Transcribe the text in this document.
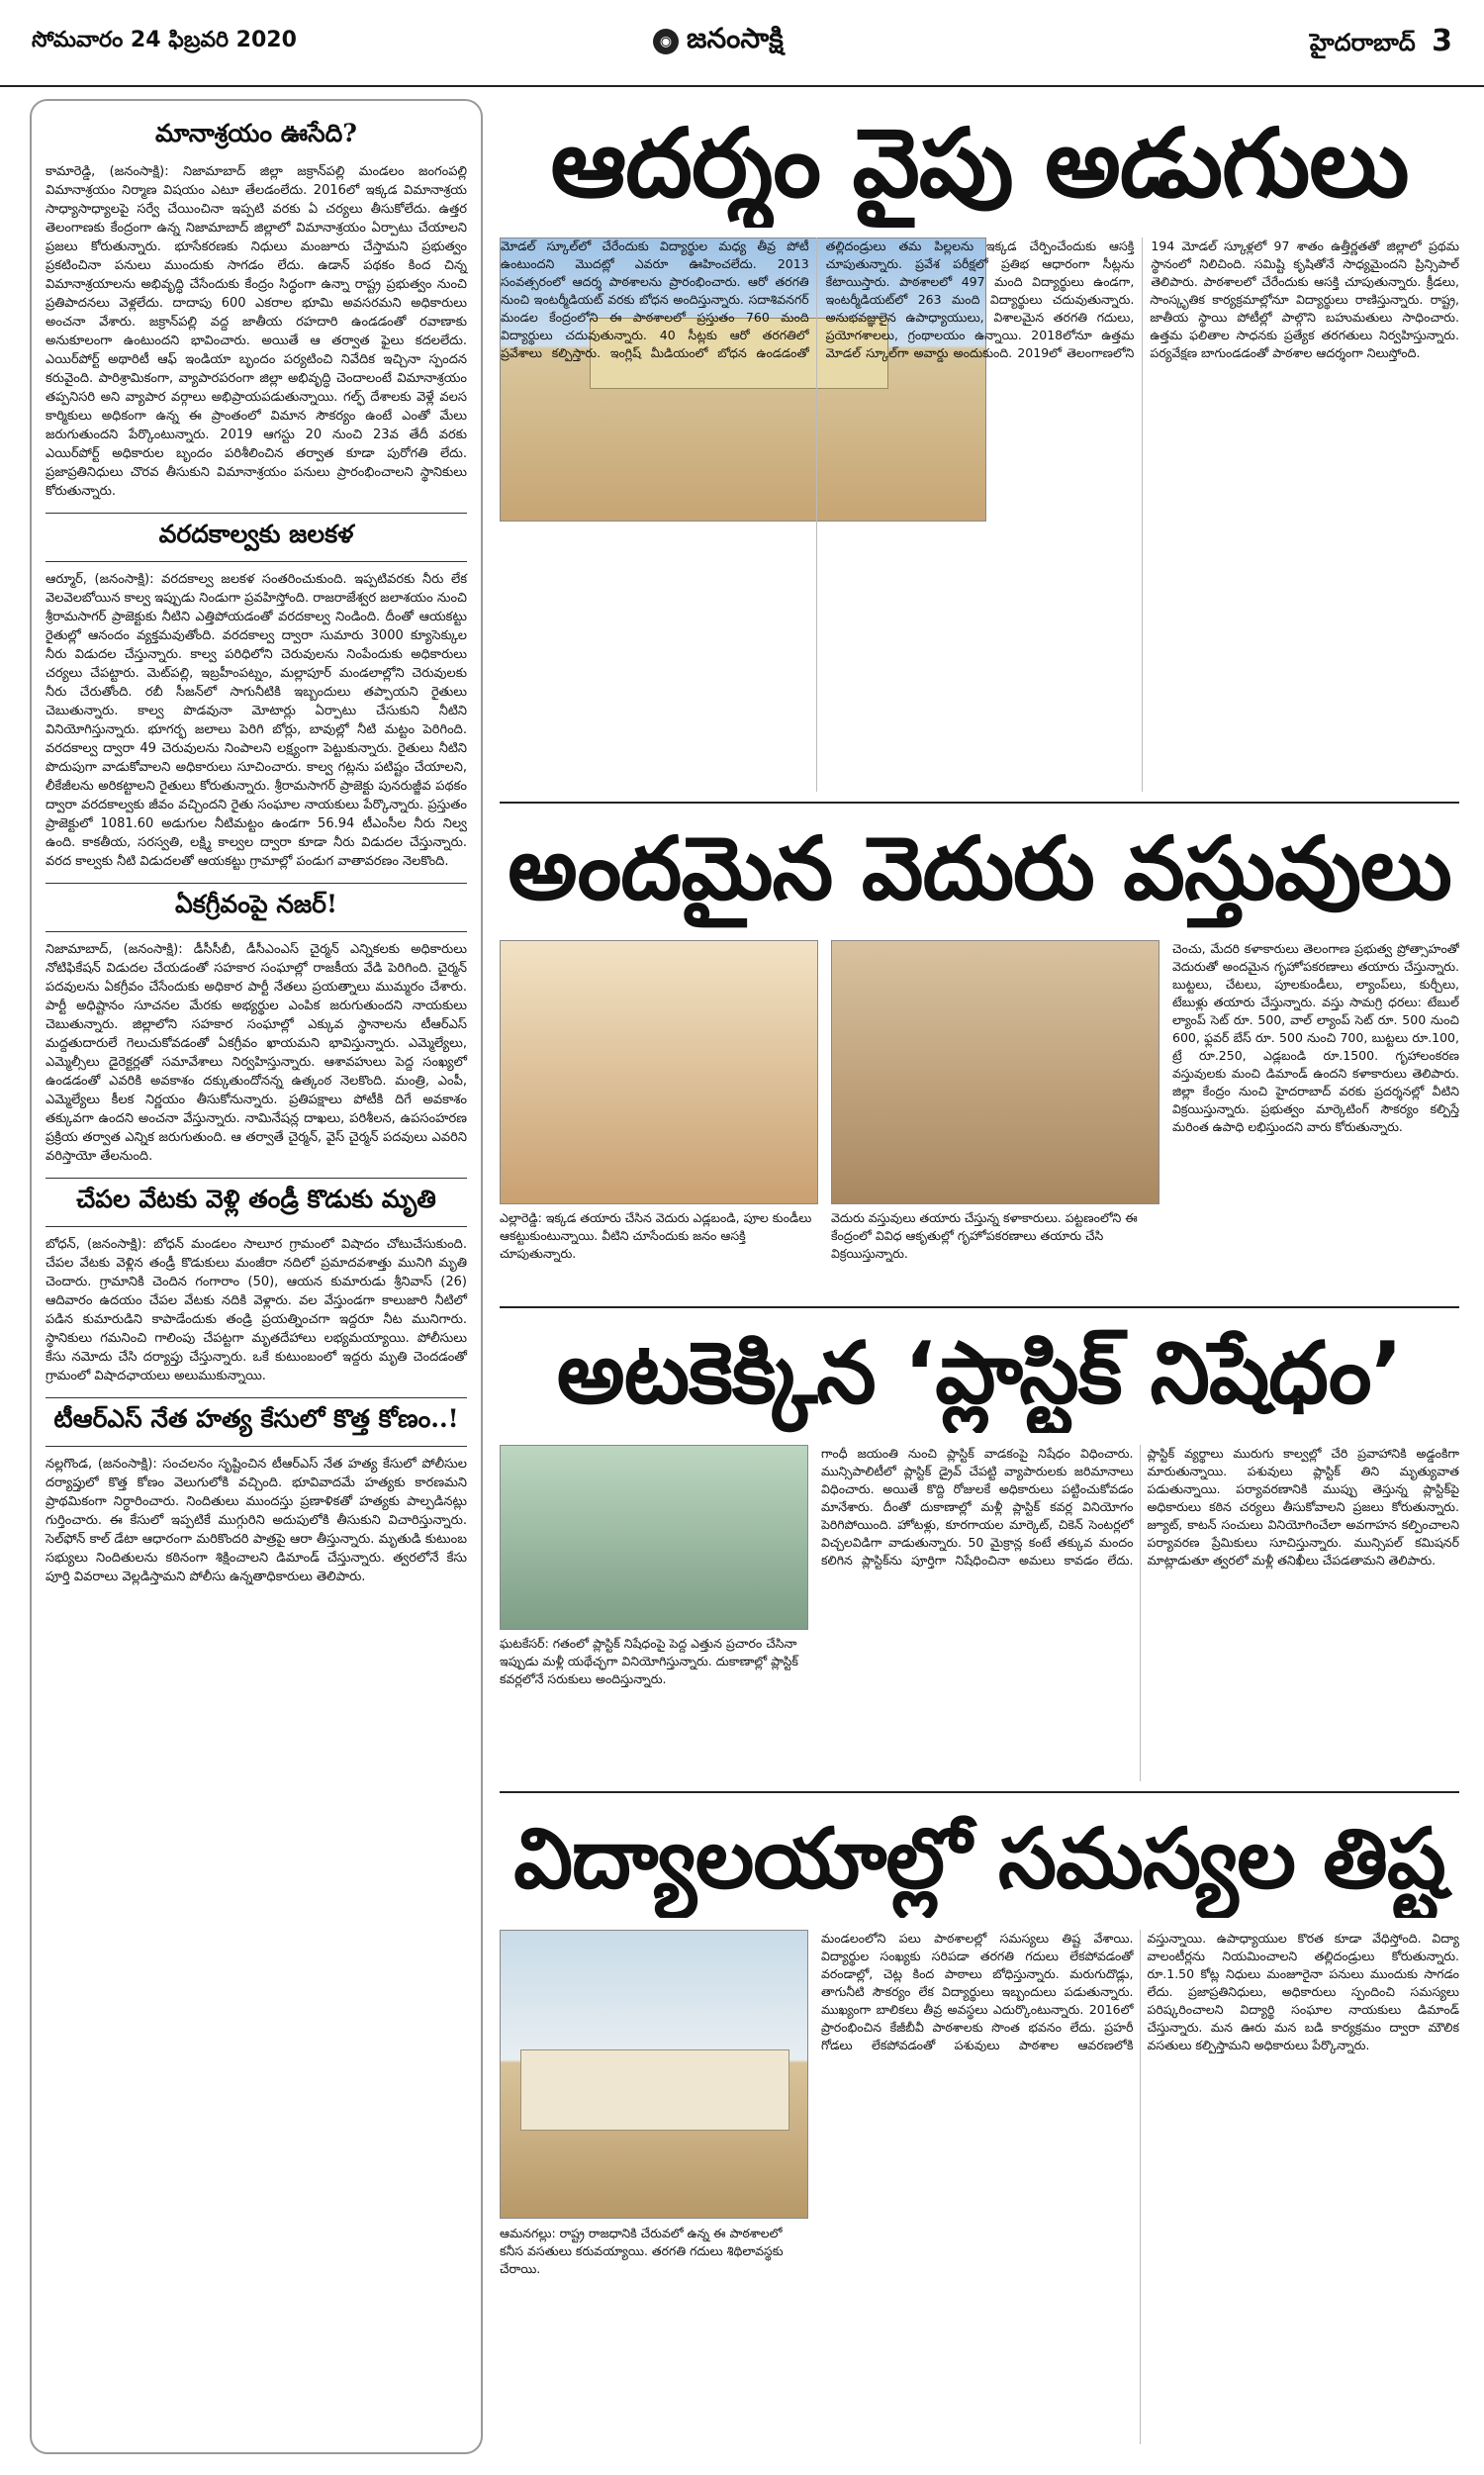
సోమవారం 24 ఫిబ్రవరి 2020	◉ జనంసాక్షి	హైదరాబాద్ 3
మానాశ్రయం ఊసేది?

కామారెడ్డి, (జనంసాక్షి): నిజామాబాద్ జిల్లా జక్రాన్‌పల్లి మండలం జంగంపల్లి విమానాశ్రయం నిర్మాణ విషయం ఎటూ తేలడంలేదు. 2016లో ఇక్కడ విమానాశ్రయ సాధ్యాసాధ్యాలపై సర్వే చేయించినా ఇప్పటి వరకు ఏ చర్యలు తీసుకోలేదు. ఉత్తర తెలంగాణకు కేంద్రంగా ఉన్న నిజామాబాద్ జిల్లాలో విమానాశ్రయం ఏర్పాటు చేయాలని ప్రజలు కోరుతున్నారు. భూసేకరణకు నిధులు మంజూరు చేస్తామని ప్రభుత్వం ప్రకటించినా పనులు ముందుకు సాగడం లేదు. ఉడాన్ పథకం కింద చిన్న విమానాశ్రయాలను అభివృద్ధి చేసేందుకు కేంద్రం సిద్ధంగా ఉన్నా రాష్ట్ర ప్రభుత్వం నుంచి ప్రతిపాదనలు వెళ్లలేదు. దాదాపు 600 ఎకరాల భూమి అవసరమని అధికారులు అంచనా వేశారు. జక్రాన్‌పల్లి వద్ద జాతీయ రహదారి ఉండడంతో రవాణాకు అనుకూలంగా ఉంటుందని భావించారు. అయితే ఆ తర్వాత ఫైలు కదలలేదు. ఎయిర్‌పోర్ట్ అథారిటీ ఆఫ్ ఇండియా బృందం పర్యటించి నివేదిక ఇచ్చినా స్పందన కరువైంది. పారిశ్రామికంగా, వ్యాపారపరంగా జిల్లా అభివృద్ధి చెందాలంటే విమానాశ్రయం తప్పనిసరి అని వ్యాపార వర్గాలు అభిప్రాయపడుతున్నాయి. గల్ఫ్ దేశాలకు వెళ్లే వలస కార్మికులు అధికంగా ఉన్న ఈ ప్రాంతంలో విమాన సౌకర్యం ఉంటే ఎంతో మేలు జరుగుతుందని పేర్కొంటున్నారు. 2019 ఆగస్టు 20 నుంచి 23వ తేదీ వరకు ఎయిర్‌పోర్ట్ అధికారుల బృందం పరిశీలించిన తర్వాత కూడా పురోగతి లేదు. ప్రజాప్రతినిధులు చొరవ తీసుకుని విమానాశ్రయం పనులు ప్రారంభించాలని స్థానికులు కోరుతున్నారు.

వరదకాల్వకు జలకళ

ఆర్మూర్, (జనంసాక్షి): వరదకాల్వ జలకళ సంతరించుకుంది. ఇప్పటివరకు నీరు లేక వెలవెలబోయిన కాల్వ ఇప్పుడు నిండుగా ప్రవహిస్తోంది. రాజరాజేశ్వర జలాశయం నుంచి శ్రీరామసాగర్ ప్రాజెక్టుకు నీటిని ఎత్తిపోయడంతో వరదకాల్వ నిండింది. దీంతో ఆయకట్టు రైతుల్లో ఆనందం వ్యక్తమవుతోంది. వరదకాల్వ ద్వారా సుమారు 3000 క్యూసెక్కుల నీరు విడుదల చేస్తున్నారు. కాల్వ పరిధిలోని చెరువులను నింపేందుకు అధికారులు చర్యలు చేపట్టారు. మెట్‌పల్లి, ఇబ్రహీంపట్నం, మల్లాపూర్ మండలాల్లోని చెరువులకు నీరు చేరుతోంది. రబీ సీజన్‌లో సాగునీటికి ఇబ్బందులు తప్పాయని రైతులు చెబుతున్నారు. కాల్వ పొడవునా మోటార్లు ఏర్పాటు చేసుకుని నీటిని వినియోగిస్తున్నారు. భూగర్భ జలాలు పెరిగి బోర్లు, బావుల్లో నీటి మట్టం పెరిగింది. వరదకాల్వ ద్వారా 49 చెరువులను నింపాలని లక్ష్యంగా పెట్టుకున్నారు. రైతులు నీటిని పొదుపుగా వాడుకోవాలని అధికారులు సూచించారు. కాల్వ గట్లను పటిష్టం చేయాలని, లీకేజీలను అరికట్టాలని రైతులు కోరుతున్నారు. శ్రీరామసాగర్ ప్రాజెక్టు పునరుజ్జీవ పథకం ద్వారా వరదకాల్వకు జీవం వచ్చిందని రైతు సంఘాల నాయకులు పేర్కొన్నారు. ప్రస్తుతం ప్రాజెక్టులో 1081.60 అడుగుల నీటిమట్టం ఉండగా 56.94 టీఎంసీల నీరు నిల్వ ఉంది. కాకతీయ, సరస్వతి, లక్ష్మి కాల్వల ద్వారా కూడా నీరు విడుదల చేస్తున్నారు. వరద కాల్వకు నీటి విడుదలతో ఆయకట్టు గ్రామాల్లో పండుగ వాతావరణం నెలకొంది.

ఏకగ్రీవంపై నజర్!

నిజామాబాద్, (జనంసాక్షి): డీసీసీబీ, డీసీఎంఎస్ చైర్మన్ ఎన్నికలకు అధికారులు నోటిఫికేషన్ విడుదల చేయడంతో సహకార సంఘాల్లో రాజకీయ వేడి పెరిగింది. చైర్మన్ పదవులను ఏకగ్రీవం చేసేందుకు అధికార పార్టీ నేతలు ప్రయత్నాలు ముమ్మరం చేశారు. పార్టీ అధిష్టానం సూచనల మేరకు అభ్యర్థుల ఎంపిక జరుగుతుందని నాయకులు చెబుతున్నారు. జిల్లాలోని సహకార సంఘాల్లో ఎక్కువ స్థానాలను టీఆర్‌ఎస్ మద్దతుదారులే గెలుచుకోవడంతో ఏకగ్రీవం ఖాయమని భావిస్తున్నారు. ఎమ్మెల్యేలు, ఎమ్మెల్సీలు డైరెక్టర్లతో సమావేశాలు నిర్వహిస్తున్నారు. ఆశావహులు పెద్ద సంఖ్యలో ఉండడంతో ఎవరికి అవకాశం దక్కుతుందోనన్న ఉత్కంఠ నెలకొంది. మంత్రి, ఎంపీ, ఎమ్మెల్యేలు కీలక నిర్ణయం తీసుకోనున్నారు. ప్రతిపక్షాలు పోటీకి దిగే అవకాశం తక్కువగా ఉందని అంచనా వేస్తున్నారు. నామినేషన్ల దాఖలు, పరిశీలన, ఉపసంహరణ ప్రక్రియ తర్వాత ఎన్నిక జరుగుతుంది. ఆ తర్వాతే చైర్మన్, వైస్ చైర్మన్ పదవులు ఎవరిని వరిస్తాయో తేలనుంది.

చేపల వేటకు వెళ్లి తండ్రీ కొడుకు మృతి

బోధన్, (జనంసాక్షి): బోధన్ మండలం సాలూర గ్రామంలో విషాదం చోటుచేసుకుంది. చేపల వేటకు వెళ్లిన తండ్రీ కొడుకులు మంజీరా నదిలో ప్రమాదవశాత్తు మునిగి మృతి చెందారు. గ్రామానికి చెందిన గంగారాం (50), ఆయన కుమారుడు శ్రీనివాస్ (26) ఆదివారం ఉదయం చేపల వేటకు నదికి వెళ్లారు. వల వేస్తుండగా కాలుజారి నీటిలో పడిన కుమారుడిని కాపాడేందుకు తండ్రి ప్రయత్నించగా ఇద్దరూ నీట మునిగారు. స్థానికులు గమనించి గాలింపు చేపట్టగా మృతదేహాలు లభ్యమయ్యాయి. పోలీసులు కేసు నమోదు చేసి దర్యాప్తు చేస్తున్నారు. ఒకే కుటుంబంలో ఇద్దరు మృతి చెందడంతో గ్రామంలో విషాదఛాయలు అలుముకున్నాయి.

టీఆర్ఎస్ నేత హత్య కేసులో కొత్త కోణం..!

నల్లగొండ, (జనంసాక్షి): సంచలనం సృష్టించిన టీఆర్‌ఎస్ నేత హత్య కేసులో పోలీసుల దర్యాప్తులో కొత్త కోణం వెలుగులోకి వచ్చింది. భూవివాదమే హత్యకు కారణమని ప్రాథమికంగా నిర్ధారించారు. నిందితులు ముందస్తు ప్రణాళికతో హత్యకు పాల్పడినట్లు గుర్తించారు. ఈ కేసులో ఇప్పటికే ముగ్గురిని అదుపులోకి తీసుకుని విచారిస్తున్నారు. సెల్‌ఫోన్ కాల్ డేటా ఆధారంగా మరికొందరి పాత్రపై ఆరా తీస్తున్నారు. మృతుడి కుటుంబ సభ్యులు నిందితులను కఠినంగా శిక్షించాలని డిమాండ్ చేస్తున్నారు. త్వరలోనే కేసు పూర్తి వివరాలు వెల్లడిస్తామని పోలీసు ఉన్నతాధికారులు తెలిపారు.

ఆదర్శం వైపు అడుగులు
మోడల్ స్కూల్‌లో చేరేందుకు విద్యార్థుల మధ్య తీవ్ర పోటీ ఉంటుందని మొదట్లో ఎవరూ ఊహించలేదు. 2013 సంవత్సరంలో ఆదర్శ పాఠశాలను ప్రారంభించారు. ఆరో తరగతి నుంచి ఇంటర్మీడియట్ వరకు బోధన అందిస్తున్నారు. సదాశివనగర్ మండల కేంద్రంలోని ఈ పాఠశాలలో ప్రస్తుతం 760 మంది విద్యార్థులు చదువుతున్నారు. 40 సీట్లకు ఆరో తరగతిలో ప్రవేశాలు కల్పిస్తారు. ఇంగ్లిష్ మీడియంలో బోధన ఉండడంతో తల్లిదండ్రులు తమ పిల్లలను ఇక్కడ చేర్పించేందుకు ఆసక్తి చూపుతున్నారు. ప్రవేశ పరీక్షలో ప్రతిభ ఆధారంగా సీట్లను కేటాయిస్తారు. పాఠశాలలో 497 మంది విద్యార్థులు ఉండగా, ఇంటర్మీడియట్‌లో 263 మంది విద్యార్థులు చదువుతున్నారు. అనుభవజ్ఞులైన ఉపాధ్యాయులు, విశాలమైన తరగతి గదులు, ప్రయోగశాలలు, గ్రంథాలయం ఉన్నాయి. 2018లోనూ ఉత్తమ మోడల్ స్కూల్‌గా అవార్డు అందుకుంది. 2019లో తెలంగాణలోని 194 మోడల్ స్కూళ్లలో 97 శాతం ఉత్తీర్ణతతో జిల్లాలో ప్రథమ స్థానంలో నిలిచింది. సమిష్టి కృషితోనే సాధ్యమైందని ప్రిన్సిపాల్ తెలిపారు. పాఠశాలలో చేరేందుకు ఆసక్తి చూపుతున్నారు. క్రీడలు, సాంస్కృతిక కార్యక్రమాల్లోనూ విద్యార్థులు రాణిస్తున్నారు. రాష్ట్ర, జాతీయ స్థాయి పోటీల్లో పాల్గొని బహుమతులు సాధించారు. ఉత్తమ ఫలితాల సాధనకు ప్రత్యేక తరగతులు నిర్వహిస్తున్నారు. పర్యవేక్షణ బాగుండడంతో పాఠశాల ఆదర్శంగా నిలుస్తోంది.
అందమైన వెదురు వస్తువులు
ఎల్లారెడ్డి: ఇక్కడ తయారు చేసిన వెదురు ఎడ్లబండి, పూల కుండీలు ఆకట్టుకుంటున్నాయి. వీటిని చూసేందుకు జనం ఆసక్తి చూపుతున్నారు.
వెదురు వస్తువులు తయారు చేస్తున్న కళాకారులు. పట్టణంలోని ఈ కేంద్రంలో వివిధ ఆకృతుల్లో గృహోపకరణాలు తయారు చేసి విక్రయిస్తున్నారు.
చెంచు, మేదరి కళాకారులు తెలంగాణ ప్రభుత్వ ప్రోత్సాహంతో వెదురుతో అందమైన గృహోపకరణాలు తయారు చేస్తున్నారు. బుట్టలు, చేటలు, పూలకుండీలు, ల్యాంప్‌లు, కుర్చీలు, టేబుళ్లు తయారు చేస్తున్నారు. వస్తు సామగ్రి ధరలు: టేబుల్ ల్యాంప్ సెట్ రూ. 500, వాల్ ల్యాంప్ సెట్ రూ. 500 నుంచి 600, ఫ్లవర్ బేస్ రూ. 500 నుంచి 700, బుట్టలు రూ.100, ట్రే రూ.250, ఎడ్లబండి రూ.1500. గృహాలంకరణ వస్తువులకు మంచి డిమాండ్ ఉందని కళాకారులు తెలిపారు. జిల్లా కేంద్రం నుంచి హైదరాబాద్ వరకు ప్రదర్శనల్లో వీటిని విక్రయిస్తున్నారు. ప్రభుత్వం మార్కెటింగ్ సౌకర్యం కల్పిస్తే మరింత ఉపాధి లభిస్తుందని వారు కోరుతున్నారు.
అటకెక్కిన ‘ప్లాస్టిక్ నిషేధం’
ఘటకేసర్: గతంలో ప్లాస్టిక్ నిషేధంపై పెద్ద ఎత్తున ప్రచారం చేసినా ఇప్పుడు మళ్లీ యథేచ్ఛగా వినియోగిస్తున్నారు. దుకాణాల్లో ప్లాస్టిక్ కవర్లలోనే సరుకులు అందిస్తున్నారు.
గాంధీ జయంతి నుంచి ప్లాస్టిక్ వాడకంపై నిషేధం విధించారు. మున్సిపాలిటీలో ప్లాస్టిక్ డ్రైవ్ చేపట్టి వ్యాపారులకు జరిమానాలు విధించారు. అయితే కొద్ది రోజులకే అధికారులు పట్టించుకోవడం మానేశారు. దీంతో దుకాణాల్లో మళ్లీ ప్లాస్టిక్ కవర్ల వినియోగం పెరిగిపోయింది. హోటళ్లు, కూరగాయల మార్కెట్, చికెన్ సెంటర్లలో విచ్చలవిడిగా వాడుతున్నారు. 50 మైక్రాన్ల కంటే తక్కువ మందం కలిగిన ప్లాస్టిక్‌ను పూర్తిగా నిషేధించినా అమలు కావడం లేదు. ప్లాస్టిక్ వ్యర్థాలు మురుగు కాల్వల్లో చేరి ప్రవాహానికి అడ్డంకిగా మారుతున్నాయి. పశువులు ప్లాస్టిక్ తిని మృత్యువాత పడుతున్నాయి. పర్యావరణానికి ముప్పు తెస్తున్న ప్లాస్టిక్‌పై అధికారులు కఠిన చర్యలు తీసుకోవాలని ప్రజలు కోరుతున్నారు. జ్యూట్, కాటన్ సంచులు వినియోగించేలా అవగాహన కల్పించాలని పర్యావరణ ప్రేమికులు సూచిస్తున్నారు. మున్సిపల్ కమిషనర్ మాట్లాడుతూ త్వరలో మళ్లీ తనిఖీలు చేపడతామని తెలిపారు.
విద్యాలయాల్లో సమస్యల తిష్ట
ఆమనగల్లు: రాష్ట్ర రాజధానికి చేరువలో ఉన్న ఈ పాఠశాలలో కనీస వసతులు కరువయ్యాయి. తరగతి గదులు శిథిలావస్థకు చేరాయి.
మండలంలోని పలు పాఠశాలల్లో సమస్యలు తిష్ట వేశాయి. విద్యార్థుల సంఖ్యకు సరిపడా తరగతి గదులు లేకపోవడంతో వరండాల్లో, చెట్ల కింద పాఠాలు బోధిస్తున్నారు. మరుగుదొడ్లు, తాగునీటి సౌకర్యం లేక విద్యార్థులు ఇబ్బందులు పడుతున్నారు. ముఖ్యంగా బాలికలు తీవ్ర అవస్థలు ఎదుర్కొంటున్నారు. 2016లో ప్రారంభించిన కేజీబీవీ పాఠశాలకు సొంత భవనం లేదు. ప్రహరీ గోడలు లేకపోవడంతో పశువులు పాఠశాల ఆవరణలోకి వస్తున్నాయి. ఉపాధ్యాయుల కొరత కూడా వేధిస్తోంది. విద్యా వాలంటీర్లను నియమించాలని తల్లిదండ్రులు కోరుతున్నారు. రూ.1.50 కోట్ల నిధులు మంజూరైనా పనులు ముందుకు సాగడం లేదు. ప్రజాప్రతినిధులు, అధికారులు స్పందించి సమస్యలు పరిష్కరించాలని విద్యార్థి సంఘాల నాయకులు డిమాండ్ చేస్తున్నారు. మన ఊరు మన బడి కార్యక్రమం ద్వారా మౌలిక వసతులు కల్పిస్తామని అధికారులు పేర్కొన్నారు.
